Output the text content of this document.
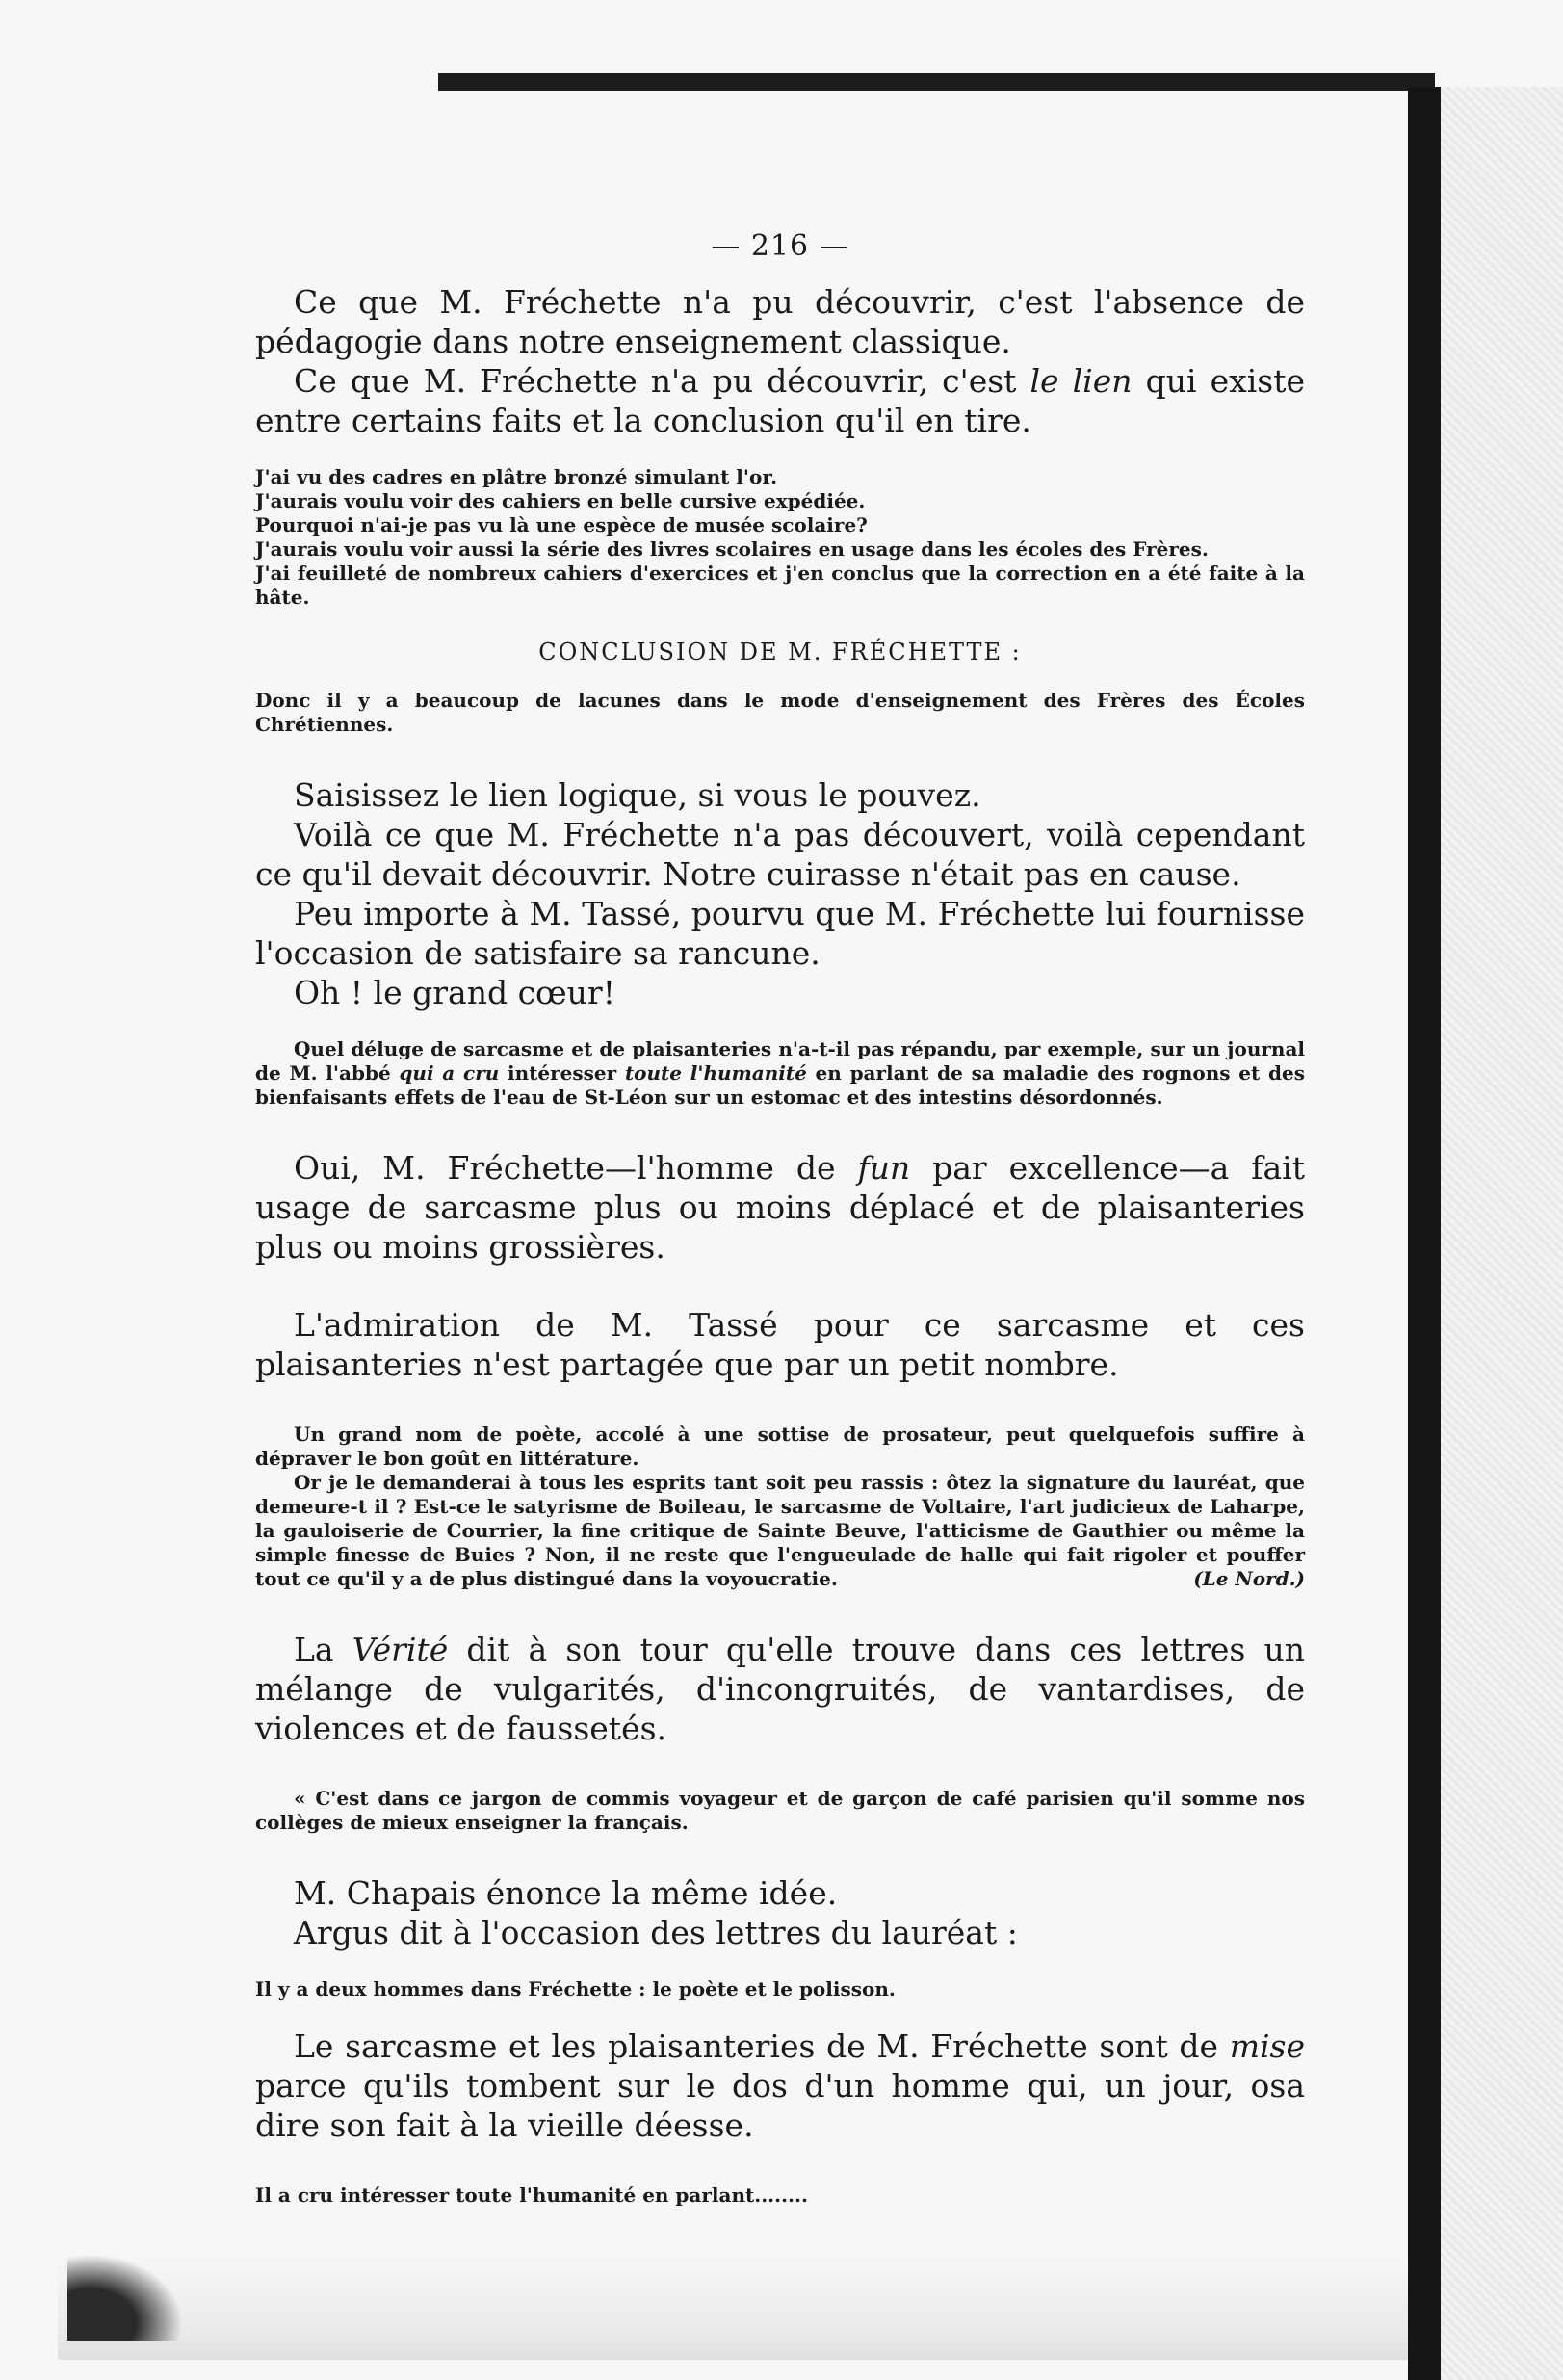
— 216 —

Ce que M. Fréchette n'a pu découvrir, c'est l'absence de pédagogie dans notre enseignement classique.

Ce que M. Fréchette n'a pu découvrir, c'est le lien qui existe entre certains faits et la conclusion qu'il en tire.

J'ai vu des cadres en plâtre bronzé simulant l'or.

J'aurais voulu voir des cahiers en belle cursive expédiée.

Pourquoi n'ai-je pas vu là une espèce de musée scolaire?

J'aurais voulu voir aussi la série des livres scolaires en usage dans les écoles des Frères.

J'ai feuilleté de nombreux cahiers d'exercices et j'en conclus que la correction en a été faite à la hâte.

CONCLUSION DE M. FRÉCHETTE :

Donc il y a beaucoup de lacunes dans le mode d'enseignement des Frères des Écoles Chrétiennes.

Saisissez le lien logique, si vous le pouvez.

Voilà ce que M. Fréchette n'a pas découvert, voilà cependant ce qu'il devait découvrir. Notre cuirasse n'était pas en cause.

Peu importe à M. Tassé, pourvu que M. Fréchette lui fournisse l'occasion de satisfaire sa rancune.

Oh ! le grand cœur!

Quel déluge de sarcasme et de plaisanteries n'a-t-il pas répandu, par exemple, sur un journal de M. l'abbé qui a cru intéresser toute l'humanité en parlant de sa maladie des rognons et des bienfaisants effets de l'eau de St-Léon sur un estomac et des intestins désordonnés.

Oui, M. Fréchette—l'homme de fun par excellence—a fait usage de sarcasme plus ou moins déplacé et de plaisanteries plus ou moins grossières.

L'admiration de M. Tassé pour ce sarcasme et ces plaisanteries n'est partagée que par un petit nombre.

Un grand nom de poète, accolé à une sottise de prosateur, peut quelquefois suffire à dépraver le bon goût en littérature.

Or je le demanderai à tous les esprits tant soit peu rassis : ôtez la signature du lauréat, que demeure-t il ? Est-ce le satyrisme de Boileau, le sarcasme de Voltaire, l'art judicieux de Laharpe, la gauloiserie de Courrier, la fine critique de Sainte Beuve, l'atticisme de Gauthier ou même la simple finesse de Buies ? Non, il ne reste que l'engueulade de halle qui fait rigoler et pouffer tout ce qu'il y a de plus distingué dans la voyoucratie.	(Le Nord.)

La Vérité dit à son tour qu'elle trouve dans ces lettres un mélange de vulgarités, d'incongruités, de vantardises, de violences et de faussetés.

« C'est dans ce jargon de commis voyageur et de garçon de café parisien qu'il somme nos collèges de mieux enseigner la français.

M. Chapais énonce la même idée.

Argus dit à l'occasion des lettres du lauréat :

Il y a deux hommes dans Fréchette : le poète et le polisson.

Le sarcasme et les plaisanteries de M. Fréchette sont de mise parce qu'ils tombent sur le dos d'un homme qui, un jour, osa dire son fait à la vieille déesse.

Il a cru intéresser toute l'humanité en parlant........
